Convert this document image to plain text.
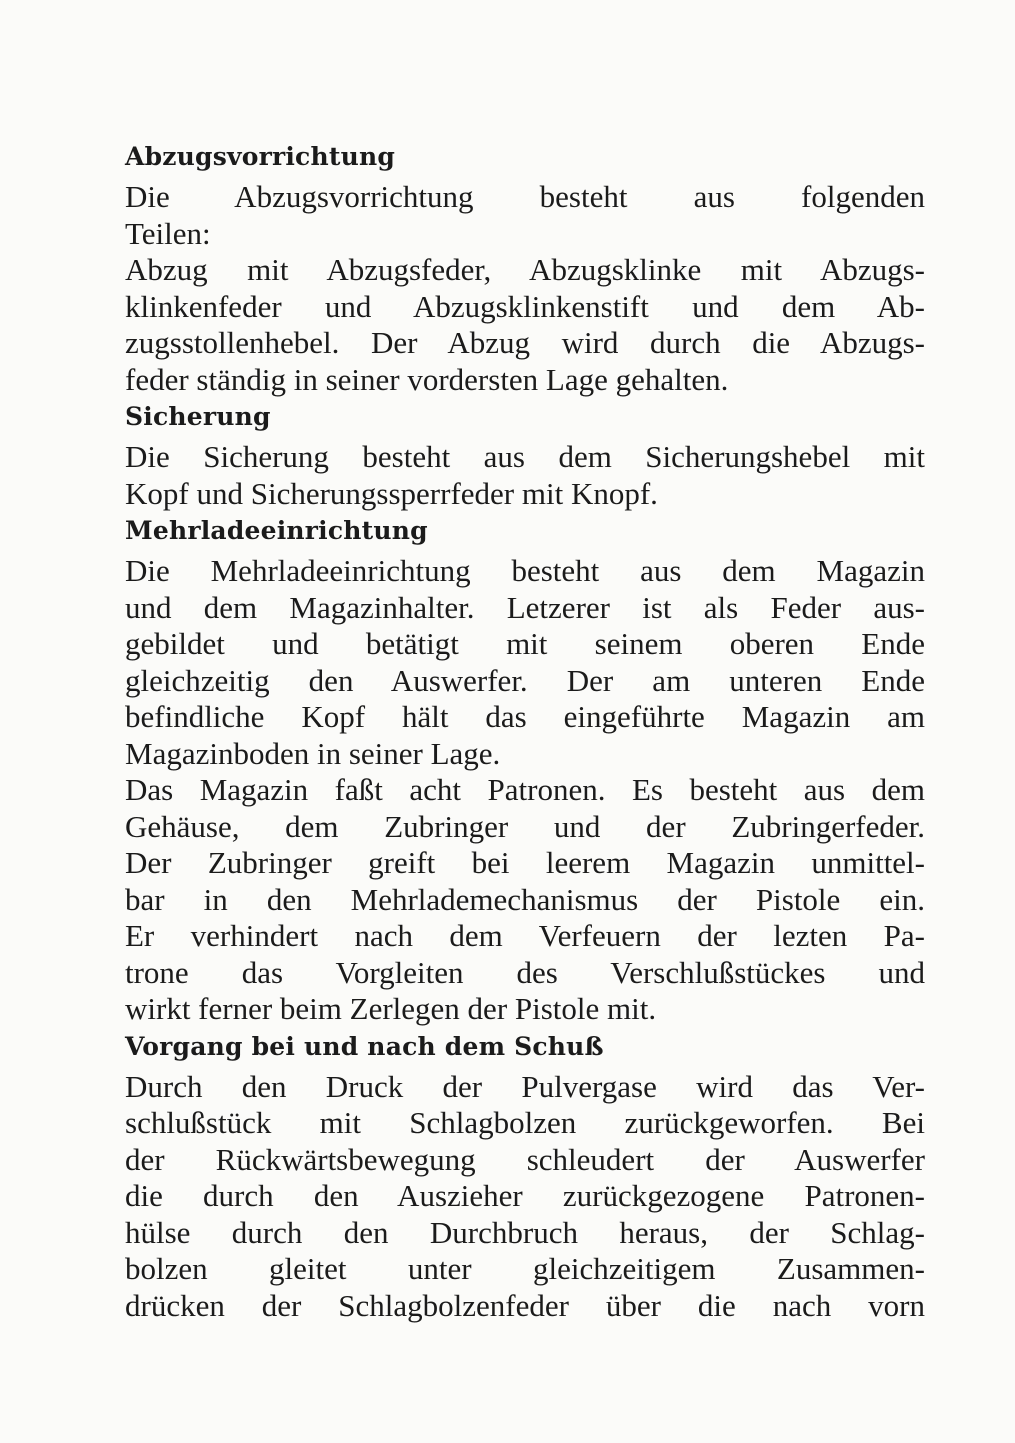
Abzugsvorrichtung
Die Abzugsvorrichtung besteht aus folgenden
Teilen:
Abzug mit Abzugsfeder, Abzugsklinke mit Abzugs-
klinkenfeder und Abzugsklinkenstift und dem Ab-
zugsstollenhebel. Der Abzug wird durch die Abzugs-
feder ständig in seiner vordersten Lage gehalten.
Sicherung
Die Sicherung besteht aus dem Sicherungshebel mit
Kopf und Sicherungssperrfeder mit Knopf.
Mehrladeeinrichtung
Die Mehrladeeinrichtung besteht aus dem Magazin
und dem Magazinhalter. Letzerer ist als Feder aus-
gebildet und betätigt mit seinem oberen Ende
gleichzeitig den Auswerfer. Der am unteren Ende
befindliche Kopf hält das eingeführte Magazin am
Magazinboden in seiner Lage.
Das Magazin faßt acht Patronen. Es besteht aus dem
Gehäuse, dem Zubringer und der Zubringerfeder.
Der Zubringer greift bei leerem Magazin unmittel-
bar in den Mehrlademechanismus der Pistole ein.
Er verhindert nach dem Verfeuern der lezten Pa-
trone das Vorgleiten des Verschlußstückes und
wirkt ferner beim Zerlegen der Pistole mit.
Vorgang bei und nach dem Schuß
Durch den Druck der Pulvergase wird das Ver-
schlußstück mit Schlagbolzen zurückgeworfen. Bei
der Rückwärtsbewegung schleudert der Auswerfer
die durch den Auszieher zurückgezogene Patronen-
hülse durch den Durchbruch heraus, der Schlag-
bolzen gleitet unter gleichzeitigem Zusammen-
drücken der Schlagbolzenfeder über die nach vorn
